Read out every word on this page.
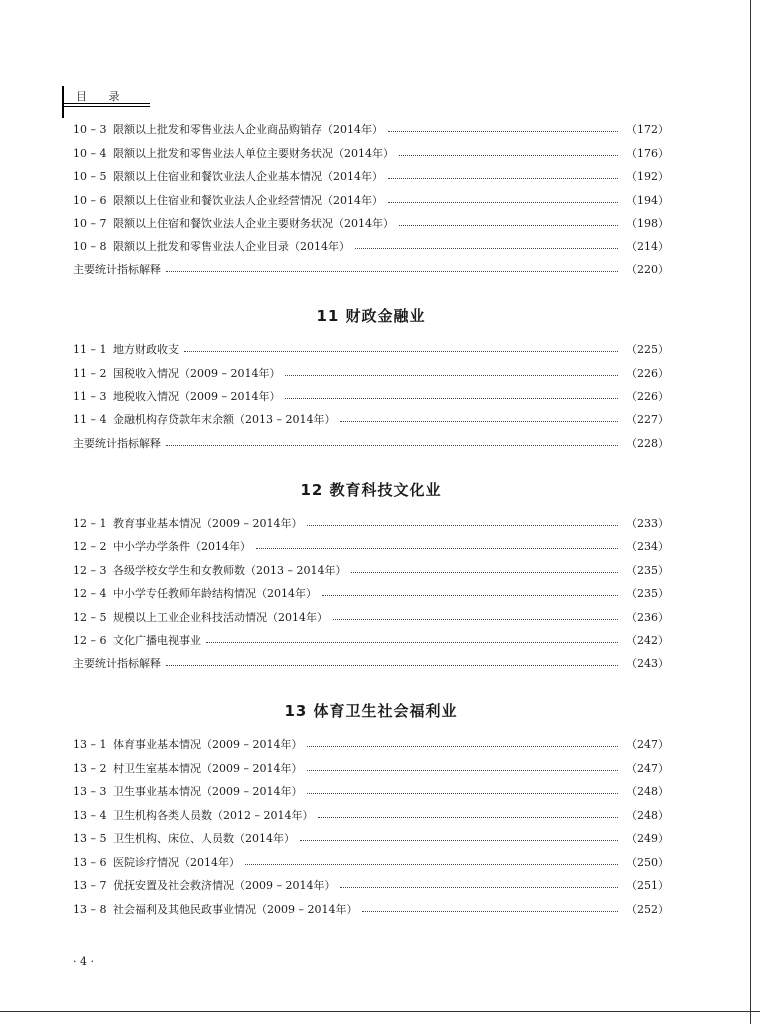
目 录
10 – 3 限额以上批发和零售业法人企业商品购销存（2014年）	（172）
10 – 4 限额以上批发和零售业法人单位主要财务状况（2014年）	（176）
10 – 5 限额以上住宿业和餐饮业法人企业基本情况（2014年）	（192）
10 – 6 限额以上住宿业和餐饮业法人企业经营情况（2014年）	（194）
10 – 7 限额以上住宿和餐饮业法人企业主要财务状况（2014年）	（198）
10 – 8 限额以上批发和零售业法人企业目录（2014年）	（214）
主要统计指标解释	（220）
11 财政金融业
11 – 1 地方财政收支	（225）
11 – 2 国税收入情况（2009 – 2014年）	（226）
11 – 3 地税收入情况（2009 – 2014年）	（226）
11 – 4 金融机构存贷款年末余额（2013 – 2014年）	（227）
主要统计指标解释	（228）
12 教育科技文化业
12 – 1 教育事业基本情况（2009 – 2014年）	（233）
12 – 2 中小学办学条件（2014年）	（234）
12 – 3 各级学校女学生和女教师数（2013 – 2014年）	（235）
12 – 4 中小学专任教师年龄结构情况（2014年）	（235）
12 – 5 规模以上工业企业科技活动情况（2014年）	（236）
12 – 6 文化广播电视事业	（242）
主要统计指标解释	（243）
13 体育卫生社会福利业
13 – 1 体育事业基本情况（2009 – 2014年）	（247）
13 – 2 村卫生室基本情况（2009 – 2014年）	（247）
13 – 3 卫生事业基本情况（2009 – 2014年）	（248）
13 – 4 卫生机构各类人员数（2012 – 2014年）	（248）
13 – 5 卫生机构、床位、人员数（2014年）	（249）
13 – 6 医院诊疗情况（2014年）	（250）
13 – 7 优抚安置及社会救济情况（2009 – 2014年）	（251）
13 – 8 社会福利及其他民政事业情况（2009 – 2014年）	（252）
· 4 ·
